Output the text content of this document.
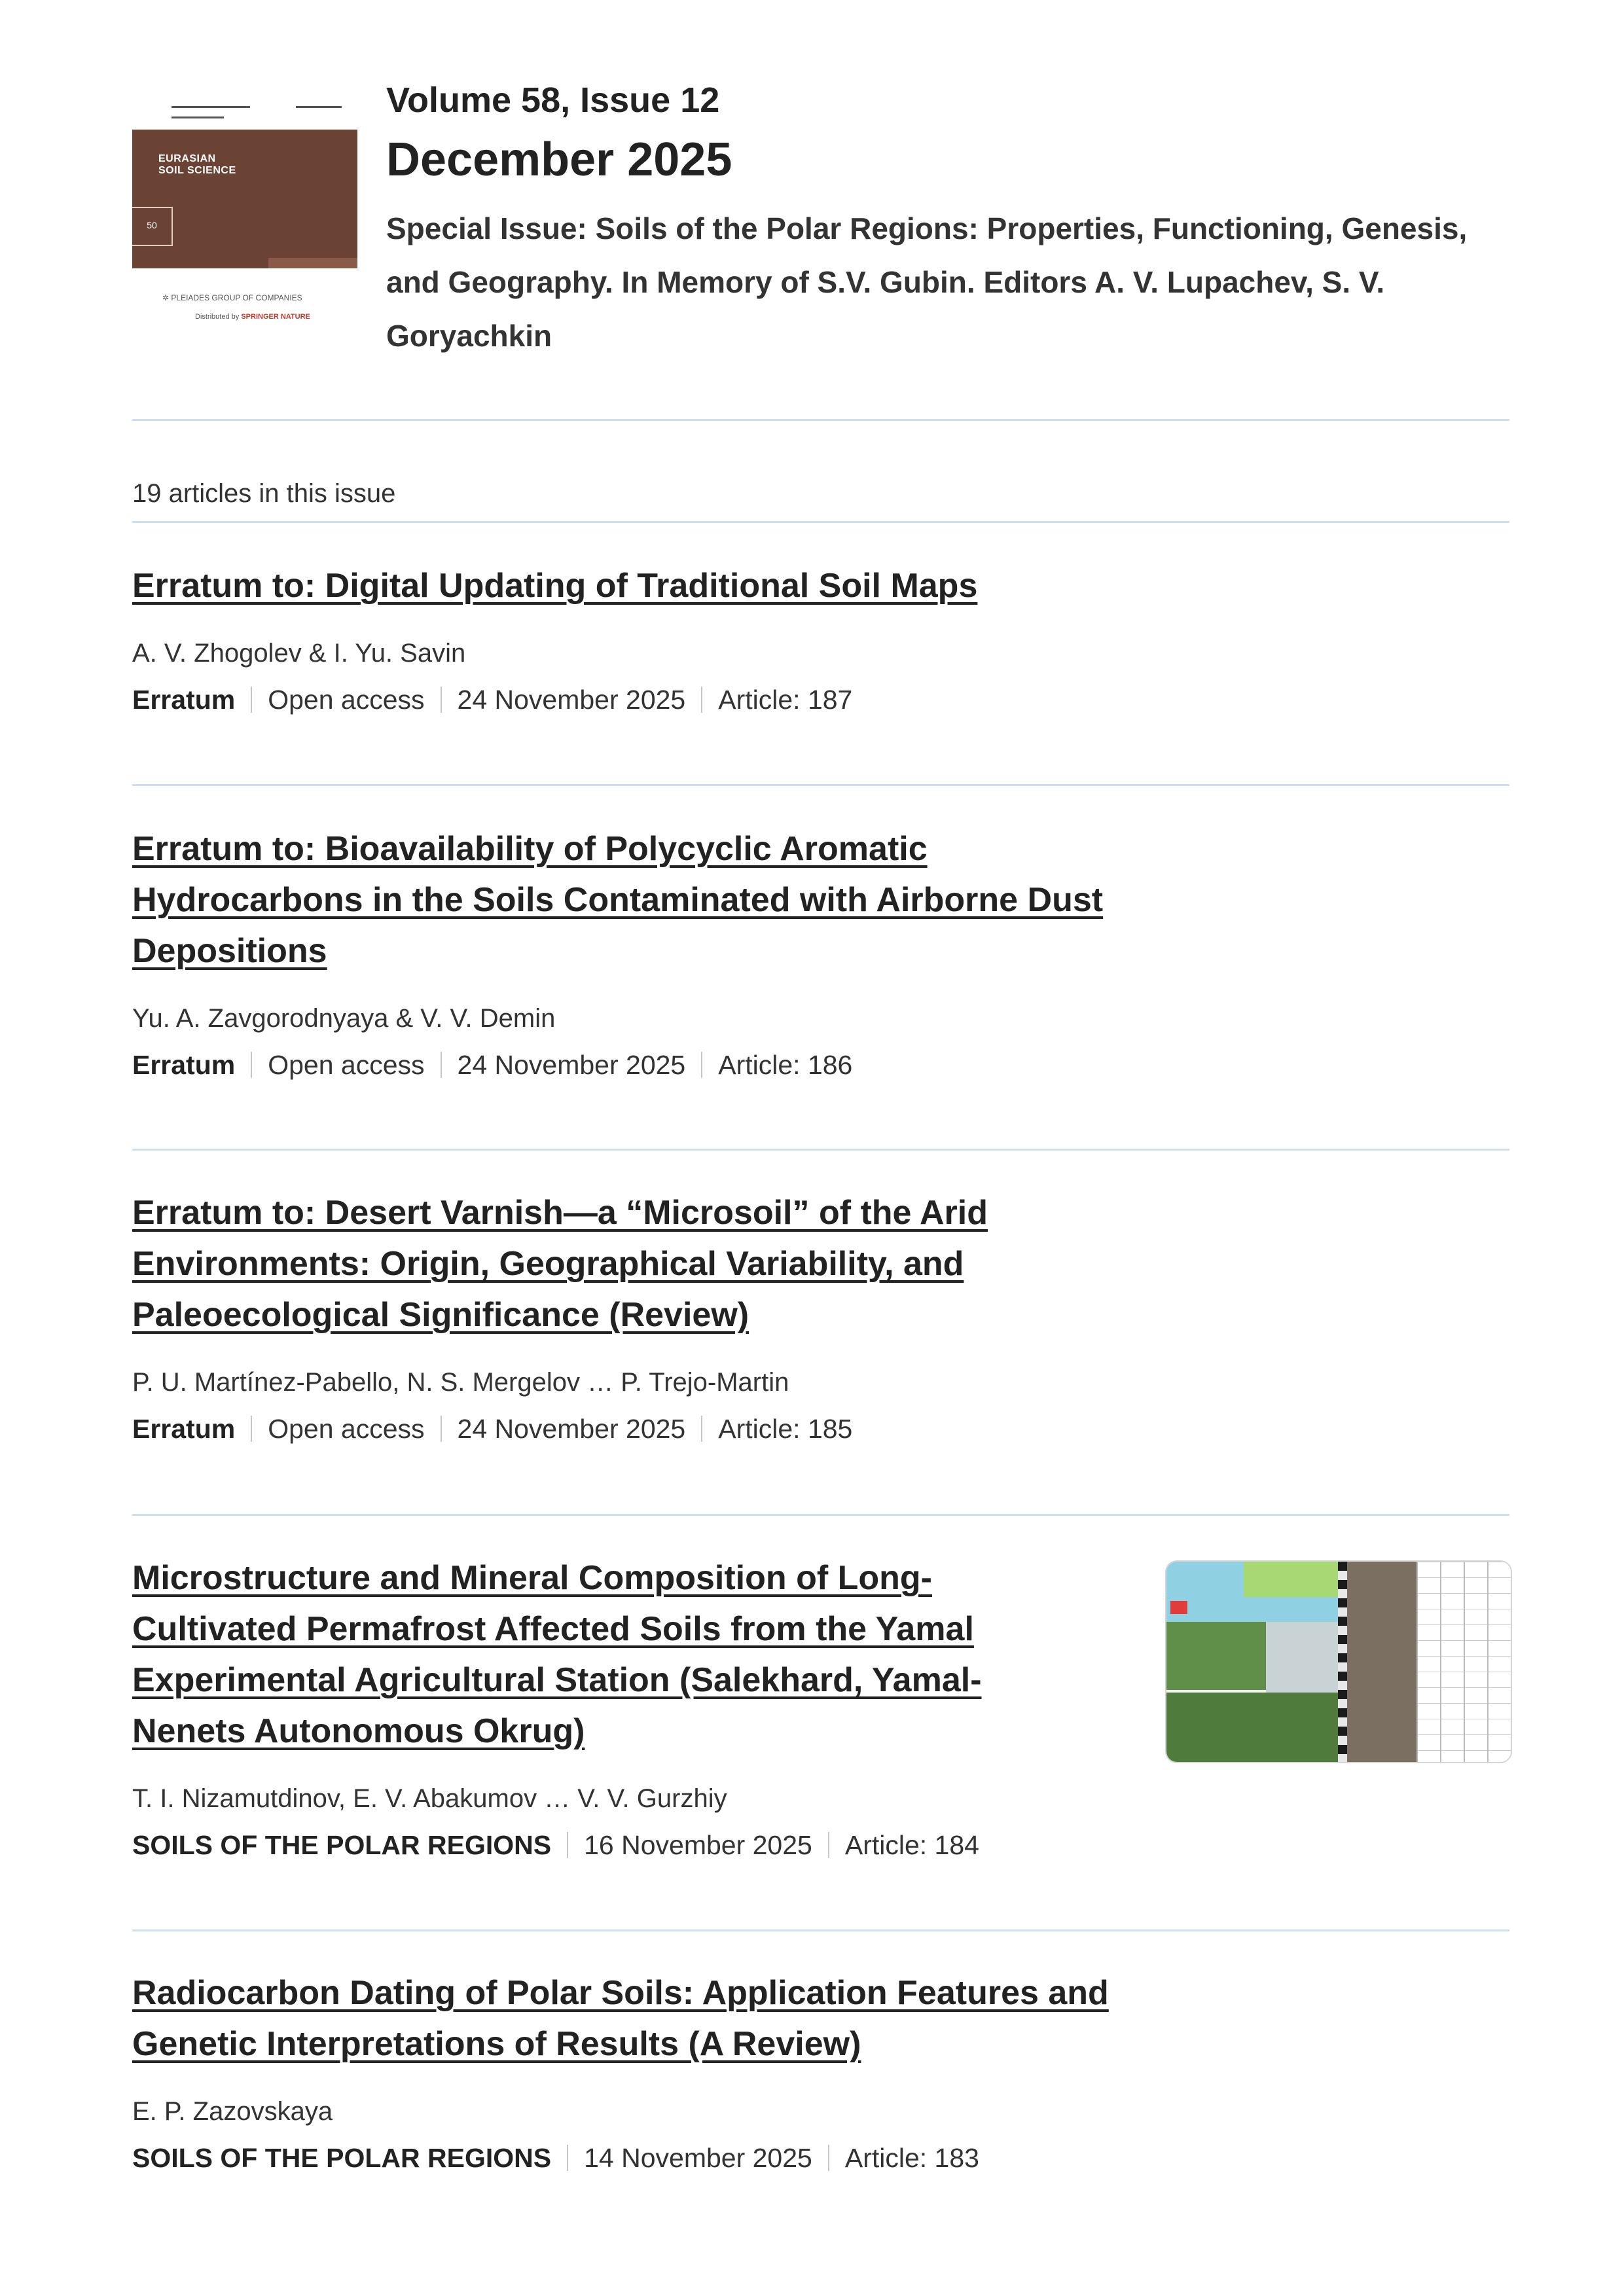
EURASIAN
SOIL SCIENCE
50
✲ PLEIADES GROUP OF COMPANIES
Distributed by SPRINGER NATURE
Volume 58, Issue 12
December 2025
Special Issue: Soils of the Polar Regions: Properties, Functioning, Genesis, and Geography. In Memory of S.V. Gubin. Editors A. V. Lupachev, S. V. Goryachkin
19 articles in this issue
Erratum to: Digital Updating of Traditional Soil Maps
A. V. Zhogolev & I. Yu. Savin
Erratum Open access 24 November 2025 Article: 187
Erratum to: Bioavailability of Polycyclic Aromatic Hydrocarbons in the Soils Contaminated with Airborne Dust Depositions
Yu. A. Zavgorodnyaya & V. V. Demin
Erratum Open access 24 November 2025 Article: 186
Erratum to: Desert Varnish—a “Microsoil” of the Arid Environments: Origin, Geographical Variability, and Paleoecological Significance (Review)
P. U. Martínez-Pabello, N. S. Mergelov … P. Trejo-Martin
Erratum Open access 24 November 2025 Article: 185
Microstructure and Mineral Composition of Long-Cultivated Permafrost Affected Soils from the Yamal Experimental Agricultural Station (Salekhard, Yamal-Nenets Autonomous Okrug)
T. I. Nizamutdinov, E. V. Abakumov … V. V. Gurzhiy
SOILS OF THE POLAR REGIONS 16 November 2025 Article: 184
Radiocarbon Dating of Polar Soils: Application Features and Genetic Interpretations of Results (A Review)
E. P. Zazovskaya
SOILS OF THE POLAR REGIONS 14 November 2025 Article: 183
